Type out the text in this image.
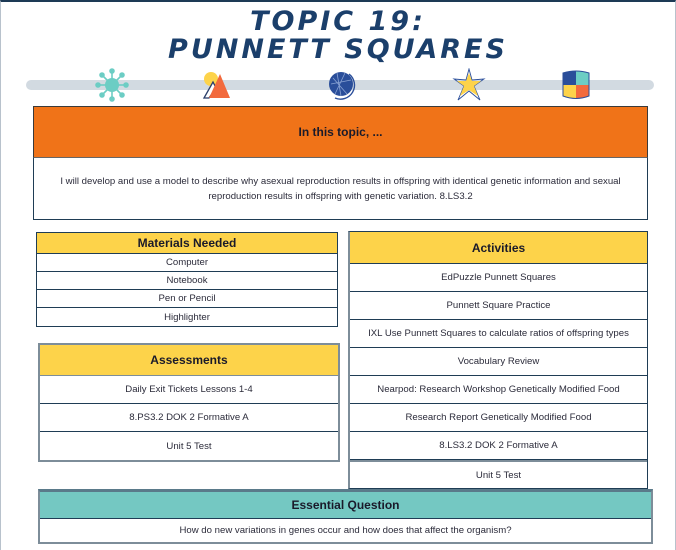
TOPIC 19:
PUNNETT SQUARES
In this topic, ...
I will develop and use a model to describe why asexual reproduction results in offspring with identical genetic information and sexual reproduction results in offspring with genetic variation. 8.LS3.2
Materials Needed
Computer
Notebook
Pen or Pencil
Highlighter
Assessments
Daily Exit Tickets Lessons 1-4
8.PS3.2 DOK 2 Formative A
Unit 5 Test
Activities
EdPuzzle Punnett Squares
Punnett Square Practice
IXL Use Punnett Squares to calculate ratios of offspring types
Vocabulary Review
Nearpod: Research Workshop Genetically Modified Food
Research Report Genetically Modified Food
8.LS3.2 DOK 2 Formative A
Unit 5 Test
Essential Question
How do new variations in genes occur and how does that affect the organism?
